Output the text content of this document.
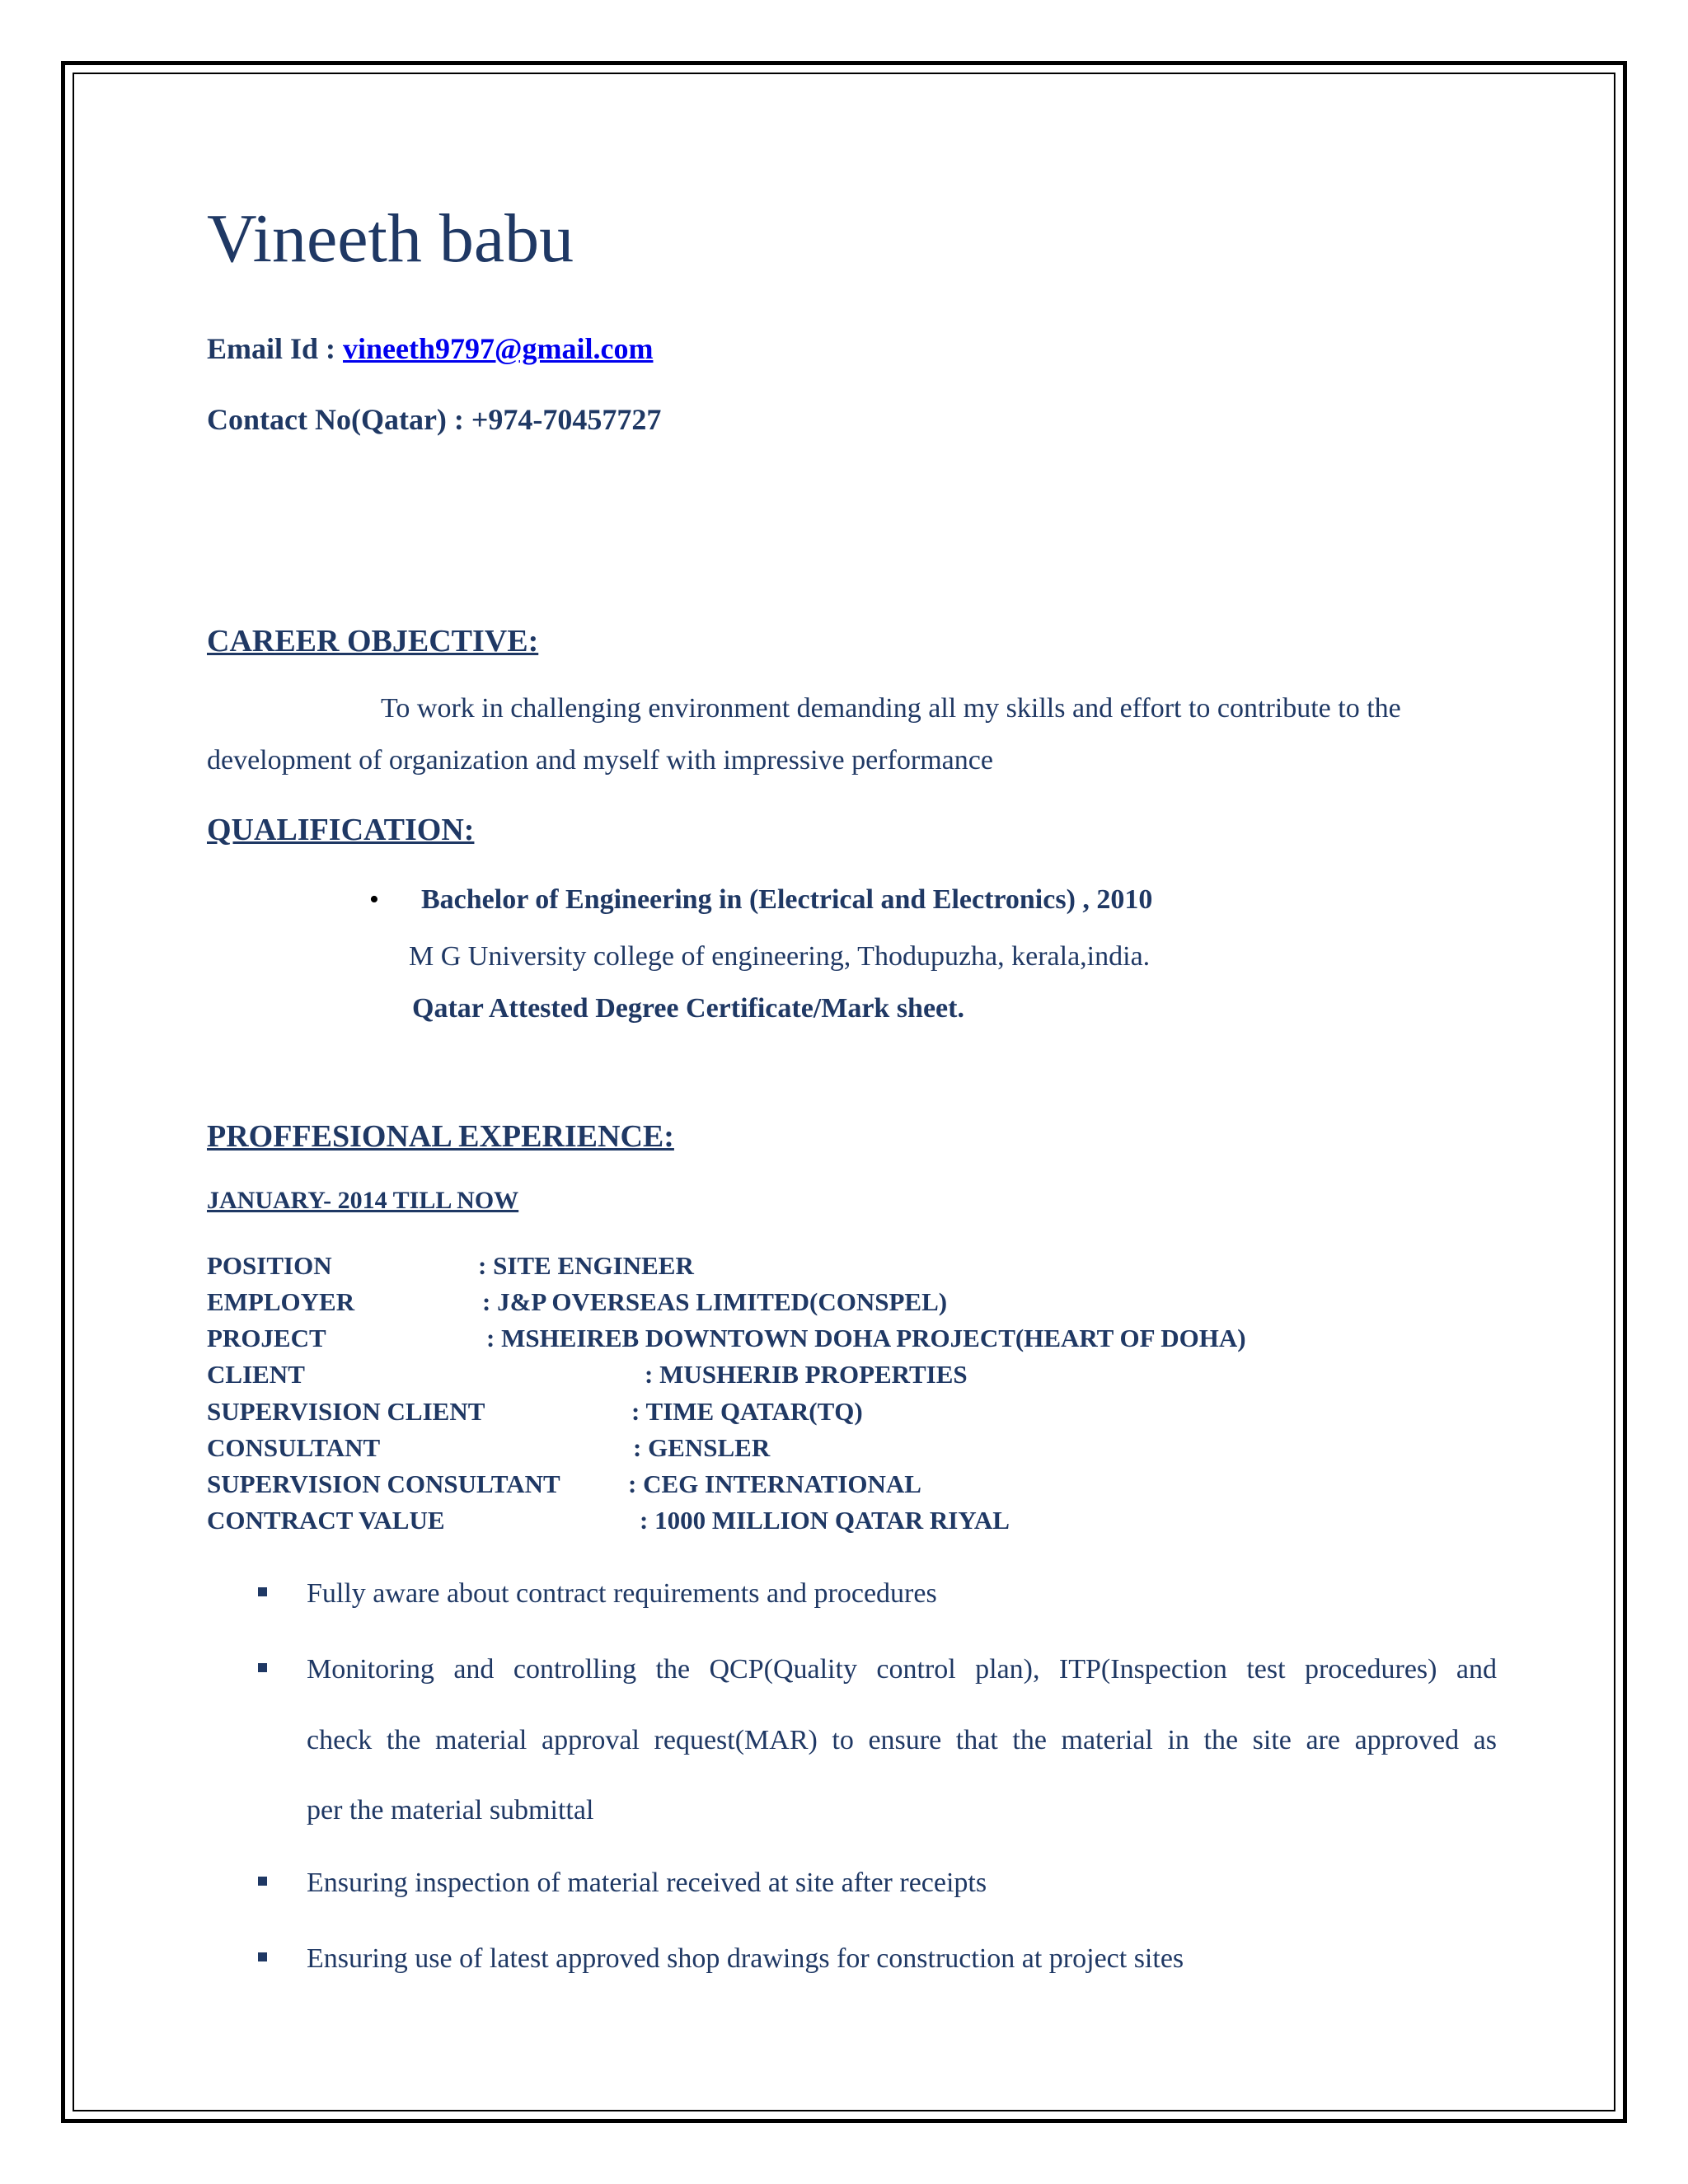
Vineeth babu
Email Id : vineeth9797@gmail.com
Contact No(Qatar) : +974-70457727
CAREER OBJECTIVE:
To work in challenging environment demanding all my skills and effort to contribute to the
development of organization and myself with impressive performance
QUALIFICATION:
• Bachelor of Engineering in (Electrical and Electronics) , 2010
M G University college of engineering, Thodupuzha, kerala,india.
Qatar Attested Degree Certificate/Mark sheet.
PROFFESIONAL EXPERIENCE:
JANUARY- 2014 TILL NOW
POSITION	: SITE ENGINEER
EMPLOYER	: J&P OVERSEAS LIMITED(CONSPEL)
PROJECT	: MSHEIREB DOWNTOWN DOHA PROJECT(HEART OF DOHA)
CLIENT	: MUSHERIB PROPERTIES
SUPERVISION CLIENT	: TIME QATAR(TQ)
CONSULTANT	: GENSLER
SUPERVISION CONSULTANT	: CEG INTERNATIONAL
CONTRACT VALUE	: 1000 MILLION QATAR RIYAL
Fully aware about contract requirements and procedures
Monitoring and controlling the QCP(Quality control plan), ITP(Inspection test procedures) and
check the material approval request(MAR) to ensure that the material in the site are approved as
per the material submittal
Ensuring inspection of material received at site after receipts
Ensuring use of latest approved shop drawings for construction at project sites
